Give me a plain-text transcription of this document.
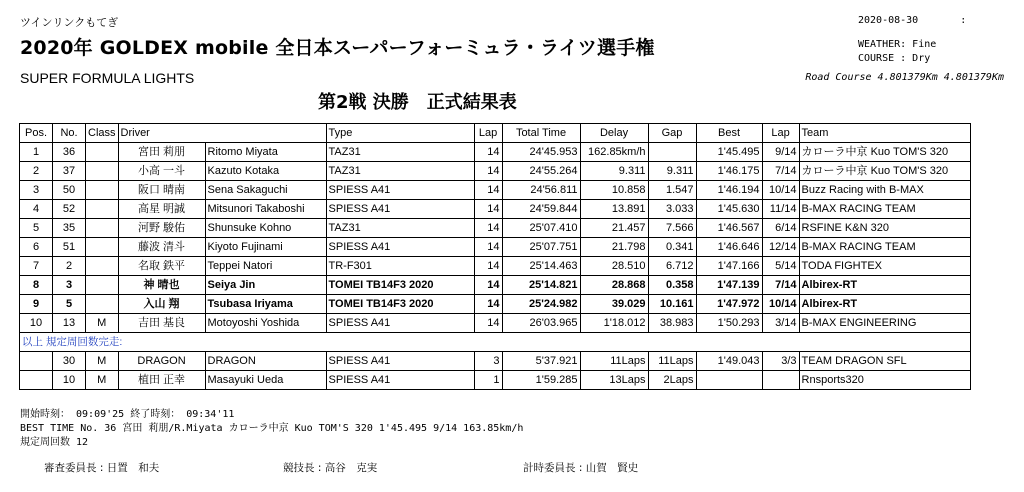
ツインリンクもてぎ
2020年 GOLDEX mobile 全日本スーパーフォーミュラ・ライツ選手権
SUPER FORMULA LIGHTS
第2戦 決勝　正式結果表
2020-08-30	:
WEATHER: Fine
COURSE : Dry
Road Course 4.801379Km 4.801379Km
Pos.	No.	Class	Driver		Type	Lap	Total Time	Delay	Gap	Best	Lap	Team
1	36		宮田 莉朋	Ritomo Miyata	TAZ31	14	24'45.953	162.85km/h		1'45.495	9/14	カローラ中京 Kuo TOM'S 320
2	37		小高 一斗	Kazuto Kotaka	TAZ31	14	24'55.264	9.311	9.311	1'46.175	7/14	カローラ中京 Kuo TOM'S 320
3	50		阪口 晴南	Sena Sakaguchi	SPIESS A41	14	24'56.811	10.858	1.547	1'46.194	10/14	Buzz Racing with B-MAX
4	52		高星 明誠	Mitsunori Takaboshi	SPIESS A41	14	24'59.844	13.891	3.033	1'45.630	11/14	B-MAX RACING TEAM
5	35		河野 駿佑	Shunsuke Kohno	TAZ31	14	25'07.410	21.457	7.566	1'46.567	6/14	RSFINE K&N 320
6	51		藤波 清斗	Kiyoto Fujinami	SPIESS A41	14	25'07.751	21.798	0.341	1'46.646	12/14	B-MAX RACING TEAM
7	2		名取 鉄平	Teppei Natori	TR-F301	14	25'14.463	28.510	6.712	1'47.166	5/14	TODA FIGHTEX
8	3		神 晴也	Seiya Jin	TOMEI TB14F3 2020	14	25'14.821	28.868	0.358	1'47.139	7/14	Albirex-RT
9	5		入山 翔	Tsubasa Iriyama	TOMEI TB14F3 2020	14	25'24.982	39.029	10.161	1'47.972	10/14	Albirex-RT
10	13	M	吉田 基良	Motoyoshi Yoshida	SPIESS A41	14	26'03.965	1'18.012	38.983	1'50.293	3/14	B-MAX ENGINEERING
以上 規定周回数完走:												
	30	M	DRAGON	DRAGON	SPIESS A41	3	5'37.921	11Laps	11Laps	1'49.043	3/3	TEAM DRAGON SFL
	10	M	植田 正幸	Masayuki Ueda	SPIESS A41	1	1'59.285	13Laps	2Laps			Rnsports320
開始時刻： 09:09'25 終了時刻： 09:34'11
BEST TIME No. 36 宮田 莉朋/R.Miyata カローラ中京 Kuo TOM'S 320 1'45.495 9/14 163.85km/h
規定周回数 12
審査委員長 : 日置　和夫	競技長 : 高谷　克実	計時委員長 : 山賀　賢史
